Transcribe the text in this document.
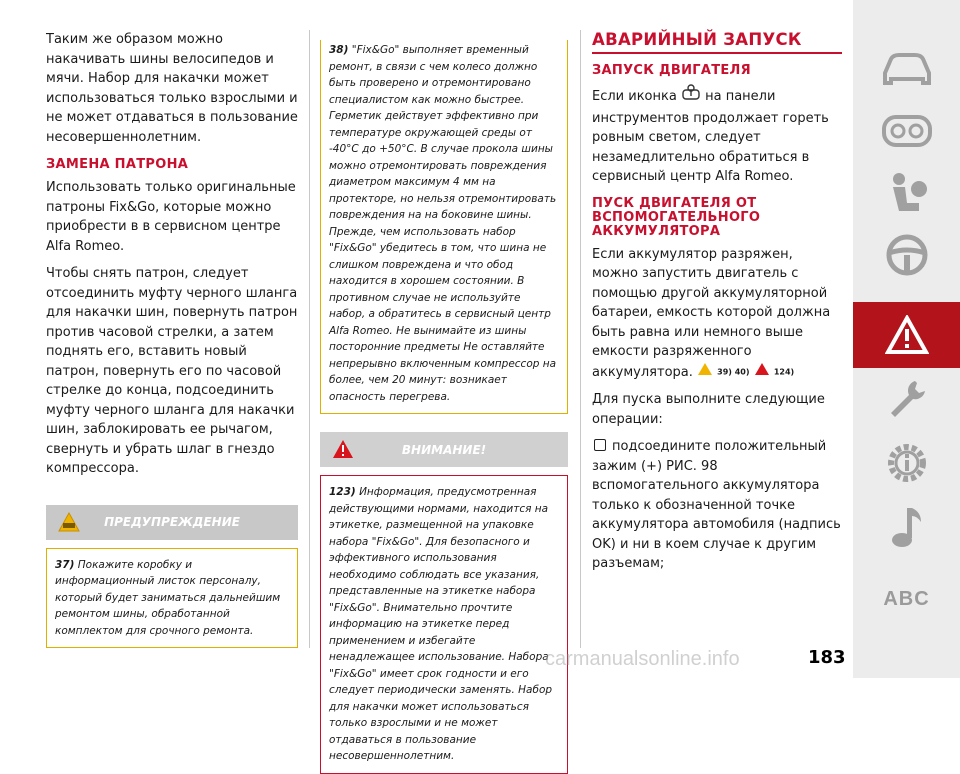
Таким же образом можно накачивать шины велосипедов и мячи. Набор для накачки может использоваться только взрослыми и не может отдаваться в пользование несовершеннолетним.

ЗАМЕНА ПАТРОНА

Использовать только оригинальные патроны Fix&Go, которые можно приобрести в в сервисном центре Alfa Romeo.

Чтобы снять патрон, следует отсоединить муфту черного шланга для накачки шин, повернуть патрон против часовой стрелки, а затем поднять его, вставить новый патрон, повернуть его по часовой стрелке до конца, подсоединить муфту черного шланга для накачки шин, заблокировать ее рычагом, свернуть и убрать шлаг в гнездо компрессора.

ПРЕДУПРЕЖДЕНИЕ

37) Покажите коробку и информационный листок персоналу, который будет заниматься дальнейшим ремонтом шины, обработанной комплектом для срочного ремонта.

38) "Fix&Go" выполняет временный ремонт, в связи с чем колесо должно быть проверено и отремонтировано специалистом как можно быстрее. Герметик действует эффективно при температуре окружающей среды от -40°C до +50°C. В случае прокола шины можно отремонтировать повреждения диаметром максимум 4 мм на протекторе, но нельзя отремонтировать повреждения на на боковине шины. Прежде, чем использовать набор "Fix&Go" убедитесь в том, что шина не слишком повреждена и что обод находится в хорошем состоянии. В противном случае не используйте набор, а обратитесь в сервисный центр Alfa Romeo. Не вынимайте из шины посторонние предметы Не оставляйте непрерывно включенным компрессор на более, чем 20 минут: возникает опасность перегрева.

ВНИМАНИЕ!

123) Информация, предусмотренная действующими нормами, находится на этикетке, размещенной на упаковке набора "Fix&Go". Для безопасного и эффективного использования необходимо соблюдать все указания, представленные на этикетке набора "Fix&Go". Внимательно прочтите информацию на этикетке перед применением и избегайте ненадлежащее использование. Набора "Fix&Go" имеет срок годности и его следует периодически заменять. Набор для накачки может использоваться только взрослыми и не может отдаваться в пользование несовершеннолетним.

АВАРИЙНЫЙ ЗАПУСК
ЗАПУСК ДВИГАТЕЛЯ

Если иконка на панели инструментов продолжает гореть ровным светом, следует незамедлительно обратиться в сервисный центр Alfa Romeo.

ПУСК ДВИГАТЕЛЯ ОТ ВСПОМОГАТЕЛЬНОГО АККУМУЛЯТОРА

Если аккумулятор разряжен, можно запустить двигатель с помощью другой аккумуляторной батареи, емкость которой должна быть равна или немного выше емкости разряженного аккумулятора.	39) 40)	124)

Для пуска выполните следующие операции:

подсоедините положительный зажим (+) РИС. 98 вспомогательного аккумулятора только к обозначенной точке аккумулятора автомобиля (надпись OK) и ни в коем случае к другим разъемам;

ABC
carmanualsonline.info	183
